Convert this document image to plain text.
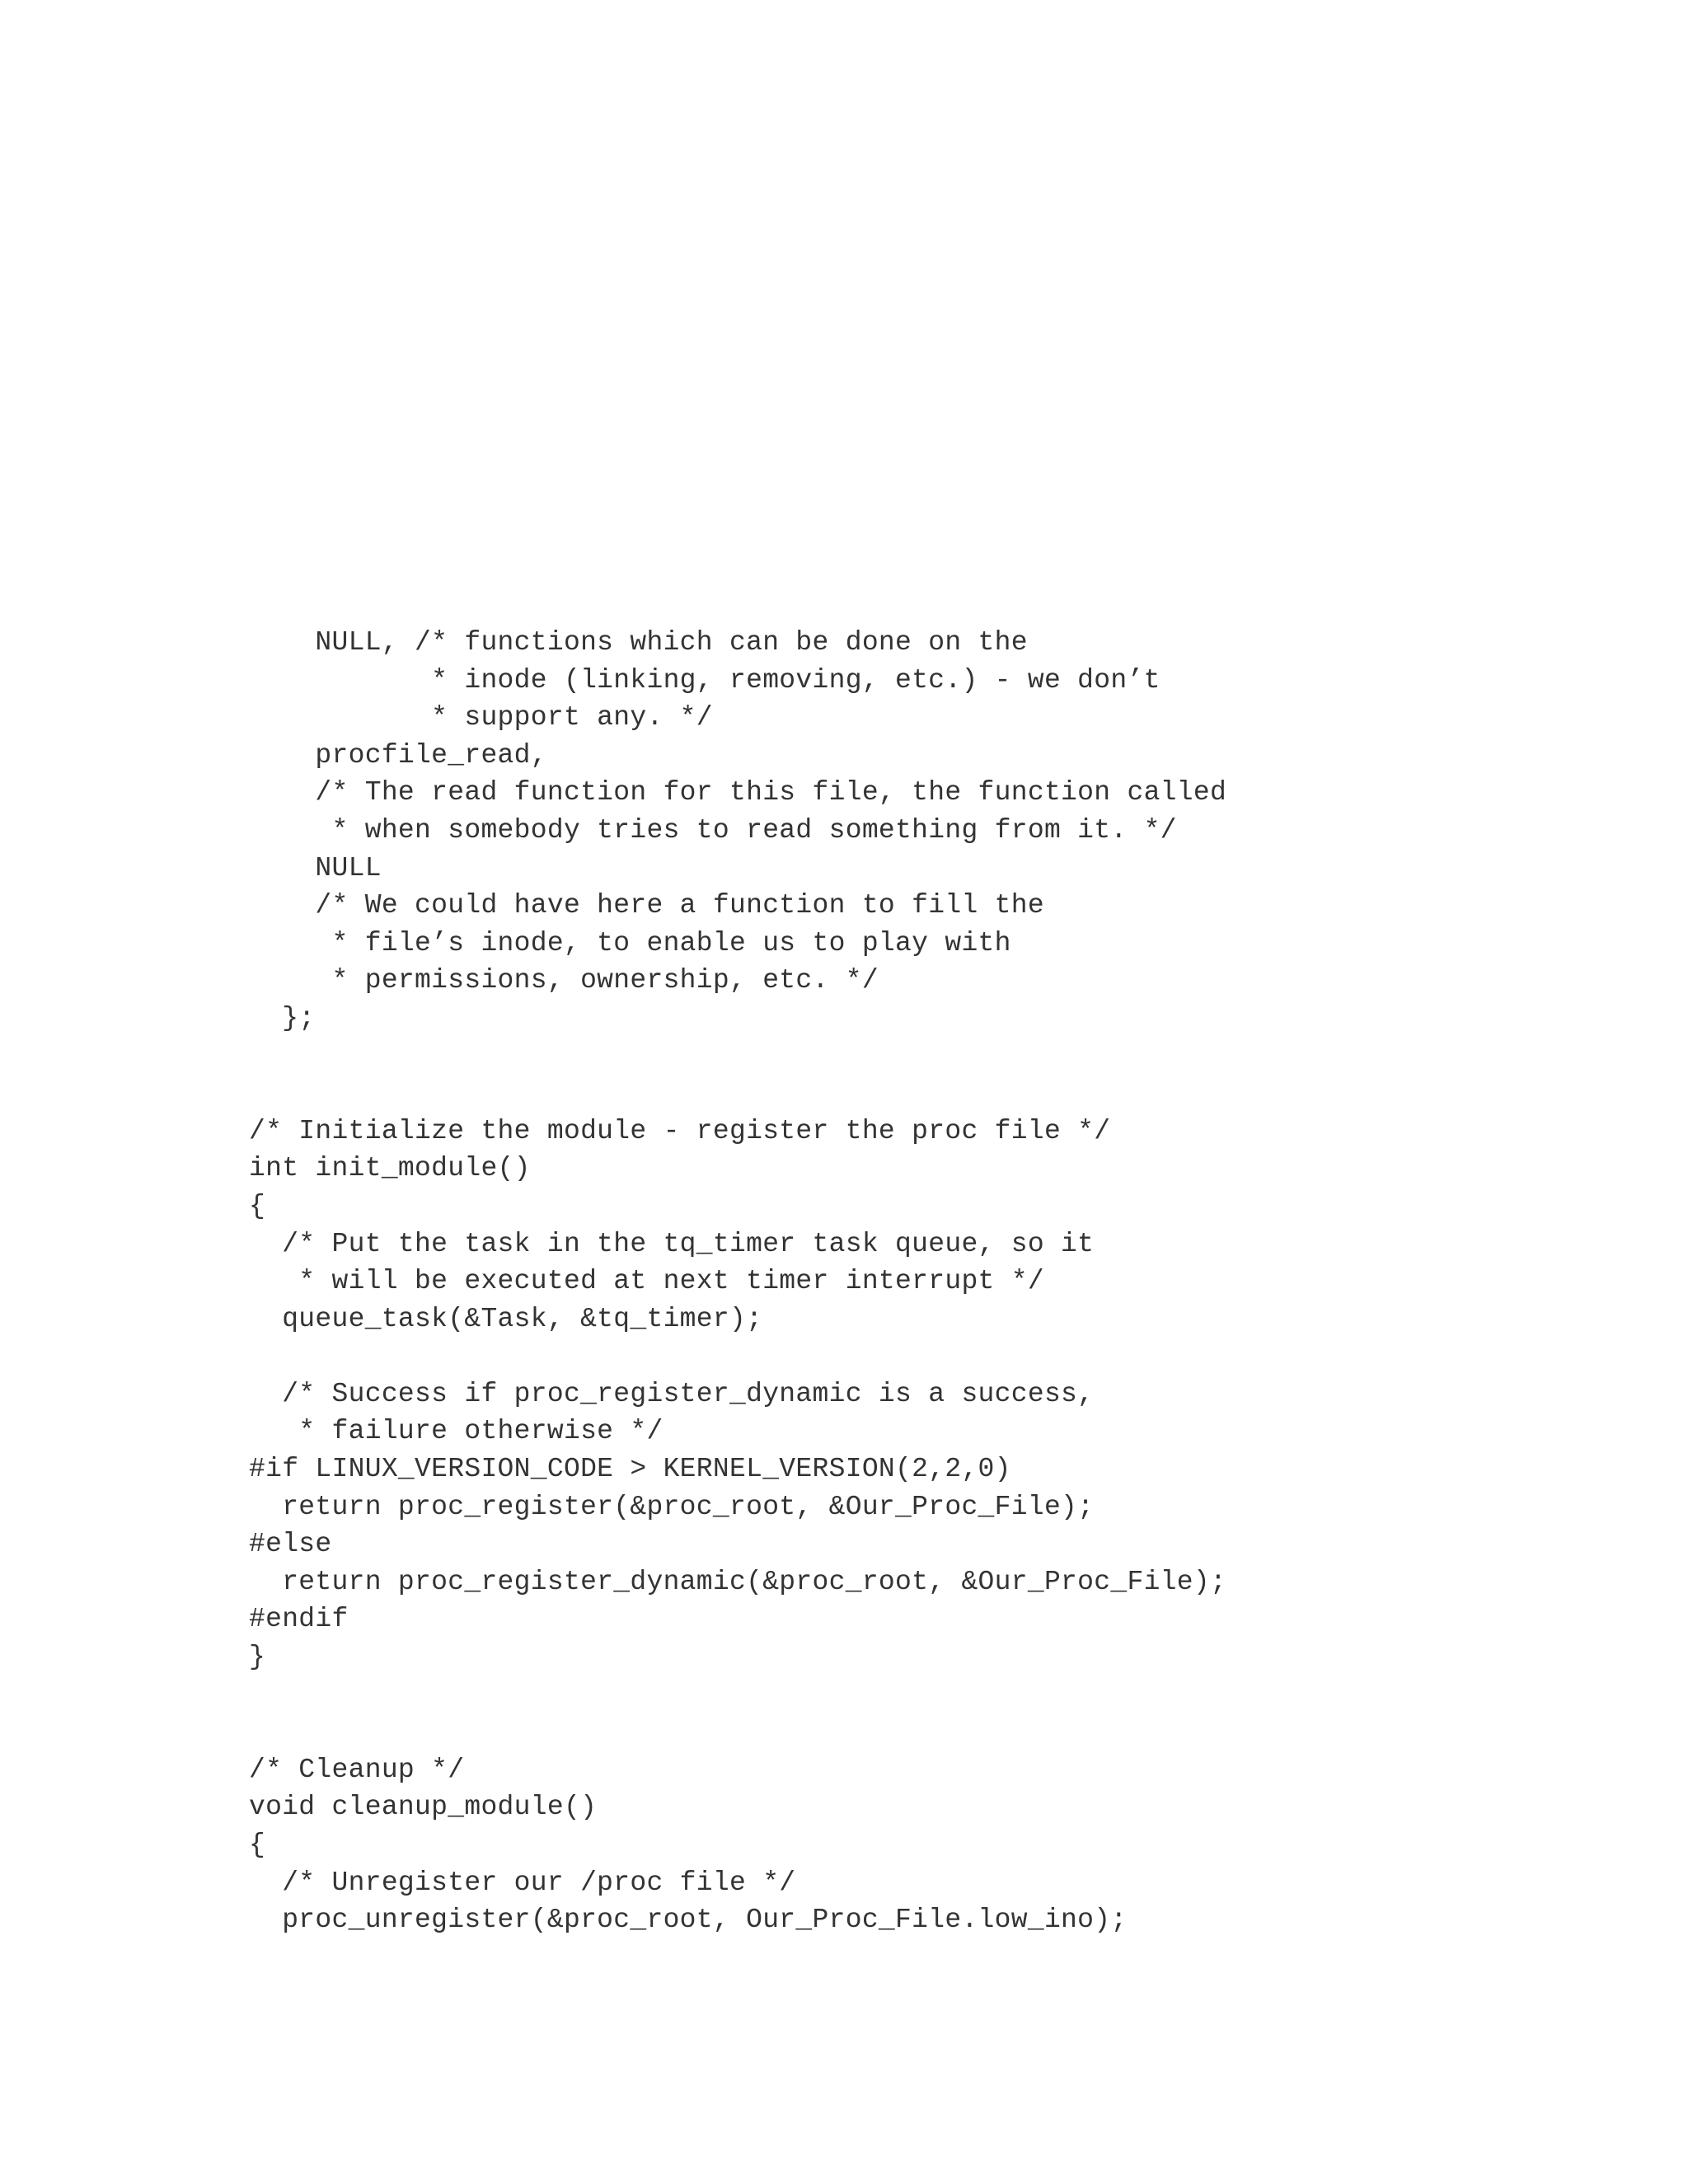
NULL, /* functions which can be done on the
* inode (linking, removing, etc.) - we don’t
* support any. */
procfile_read,
/* The read function for this file, the function called
* when somebody tries to read something from it. */
NULL
/* We could have here a function to fill the
* file’s inode, to enable us to play with
* permissions, ownership, etc. */
};
/* Initialize the module - register the proc file */
int init_module()
{
/* Put the task in the tq_timer task queue, so it
* will be executed at next timer interrupt */
queue_task(&Task, &tq_timer);
/* Success if proc_register_dynamic is a success,
* failure otherwise */
#if LINUX_VERSION_CODE > KERNEL_VERSION(2,2,0)
return proc_register(&proc_root, &Our_Proc_File);
#else
return proc_register_dynamic(&proc_root, &Our_Proc_File);
#endif
}
/* Cleanup */
void cleanup_module()
{
/* Unregister our /proc file */
proc_unregister(&proc_root, Our_Proc_File.low_ino);
